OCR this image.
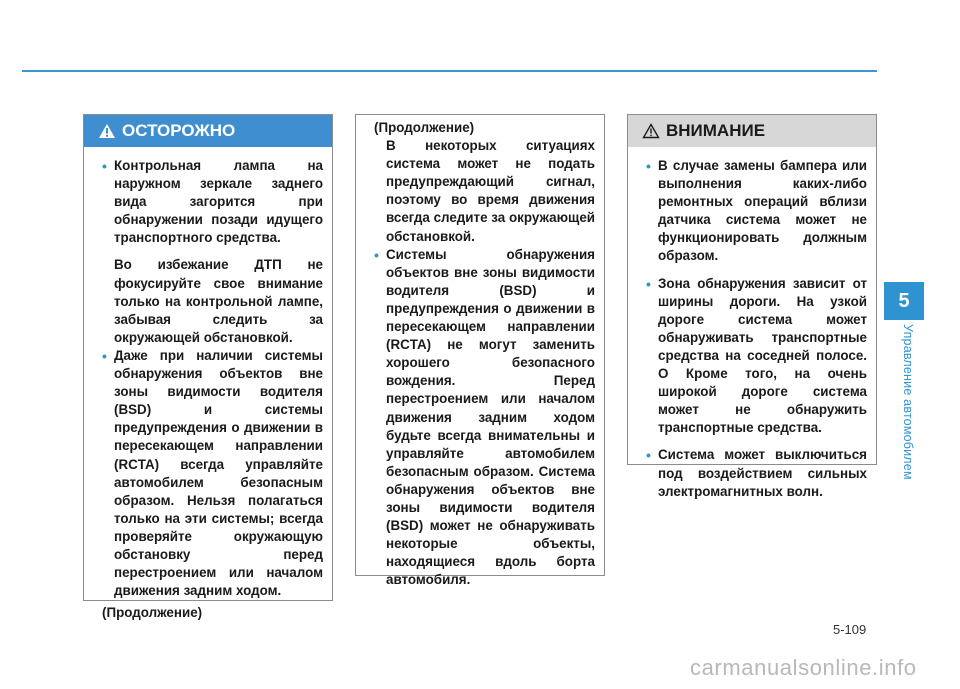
5
Управление автомобилем
ОСТОРОЖНО
• Контрольная лампа на наружном зеркале заднего вида загорится при обнаружении позади идущего транспортного средства.

Во избежание ДТП не фокусируйте свое внимание только на контрольной лампе, забывая следить за окружающей обстановкой.

• Даже при наличии системы обнаружения объектов вне зоны видимости водителя (BSD) и системы предупреждения о движении в пересекающем направлении (RCTA) всегда управляйте автомобилем безопасным образом. Нельзя полагаться только на эти системы; всегда проверяйте окружающую обстановку перед перестроением или началом движения задним ходом.

(Продолжение)

(Продолжение)

В некоторых ситуациях система может не подать предупреждающий сигнал, поэтому во время движения всегда следите за окружающей обстановкой.

• Системы обнаружения объектов вне зоны видимости водителя (BSD) и предупреждения о движении в пересекающем направлении (RCTA) не могут заменить хорошего безопасного вождения. Перед перестроением или началом движения задним ходом будьте всегда внимательны и управляйте автомобилем безопасным образом. Система обнаружения объектов вне зоны видимости водителя (BSD) может не обнаруживать некоторые объекты, находящиеся вдоль борта автомобиля.

ВНИМАНИЕ
• В случае замены бампера или выполнения каких-либо ремонтных операций вблизи датчика система может не функционировать должным образом.

• Зона обнаружения зависит от ширины дороги. На узкой дороге система может обнаруживать транспортные средства на соседней полосе. О Кроме того, на очень широкой дороге система может не обнаружить транспортные средства.

• Система может выключиться под воздействием сильных электромагнитных волн.

5-109
carmanualsonline.info
